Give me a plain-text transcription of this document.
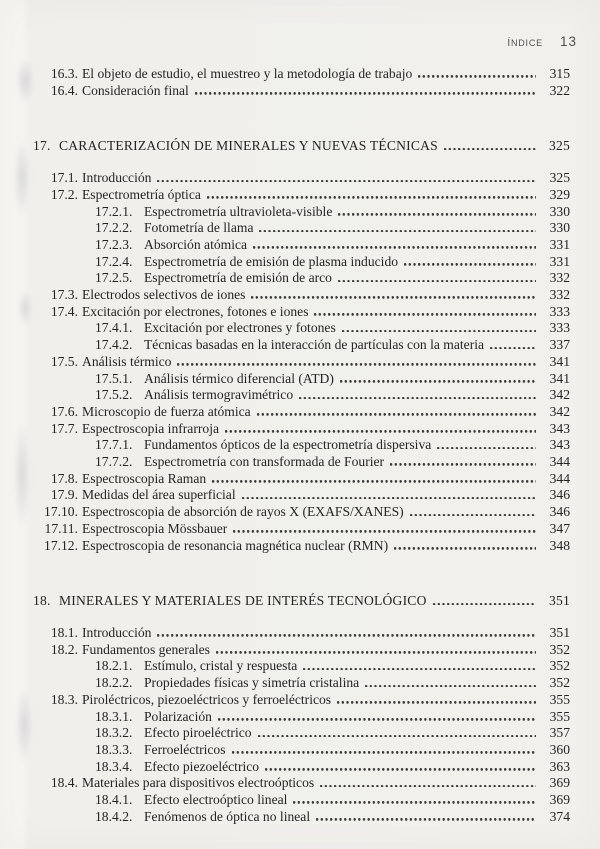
índice 13
16.3. El objeto de estudio, el muestreo y la metodología de trabajo	315
16.4. Consideración final	322
17. CARACTERIZACIÓN DE MINERALES Y NUEVAS TÉCNICAS	325
17.1. Introducción	325
17.2. Espectrometría óptica	329
17.2.1. Espectrometría ultravioleta-visible	330
17.2.2. Fotometría de llama	330
17.2.3. Absorción atómica	331
17.2.4. Espectrometría de emisión de plasma inducido	331
17.2.5. Espectrometría de emisión de arco	332
17.3. Electrodos selectivos de iones	332
17.4. Excitación por electrones, fotones e iones	333
17.4.1. Excitación por electrones y fotones	333
17.4.2. Técnicas basadas en la interacción de partículas con la materia	337
17.5. Análisis térmico	341
17.5.1. Análisis térmico diferencial (ATD)	341
17.5.2. Análisis termogravimétrico	342
17.6. Microscopio de fuerza atómica	342
17.7. Espectroscopia infrarroja	343
17.7.1. Fundamentos ópticos de la espectrometría dispersiva	343
17.7.2. Espectrometría con transformada de Fourier	344
17.8. Espectroscopia Raman	344
17.9. Medidas del área superficial	346
17.10. Espectroscopia de absorción de rayos X (EXAFS/XANES)	346
17.11. Espectroscopia Mössbauer	347
17.12. Espectroscopia de resonancia magnética nuclear (RMN)	348
18. MINERALES Y MATERIALES DE INTERÉS TECNOLÓGICO	351
18.1. Introducción	351
18.2. Fundamentos generales	352
18.2.1. Estímulo, cristal y respuesta	352
18.2.2. Propiedades físicas y simetría cristalina	352
18.3. Piroléctricos, piezoeléctricos y ferroeléctricos	355
18.3.1. Polarización	355
18.3.2. Efecto piroeléctrico	357
18.3.3. Ferroeléctricos	360
18.3.4. Efecto piezoeléctrico	363
18.4. Materiales para dispositivos electroópticos	369
18.4.1. Efecto electroóptico lineal	369
18.4.2. Fenómenos de óptica no lineal	374
